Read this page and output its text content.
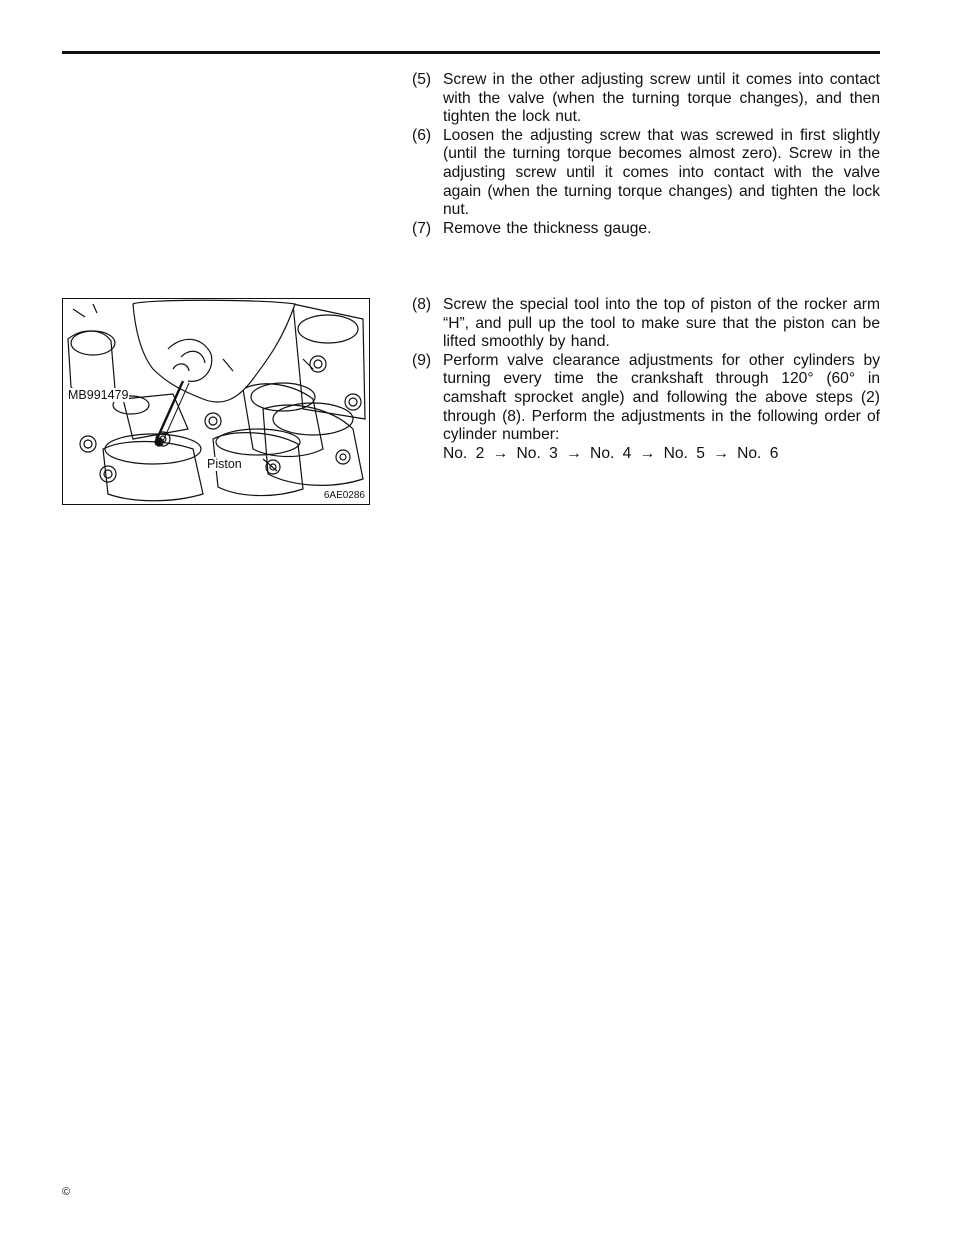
(5) Screw in the other adjusting screw until it comes into contact with the valve (when the turning torque changes), and then tighten the lock nut.
(6) Loosen the adjusting screw that was screwed in first slightly (until the turning torque becomes almost zero). Screw in the adjusting screw until it comes into contact with the valve again (when the turning torque changes) and tighten the lock nut.
(7) Remove the thickness gauge.
MB991479
Piston
6AE0286
(8) Screw the special tool into the top of piston of the rocker arm “H”, and pull up the tool to make sure that the piston can be lifted smoothly by hand.
(9) Perform valve clearance adjustments for other cylinders by turning every time the crankshaft through 120° (60° in camshaft sprocket angle) and following the above steps (2) through (8). Perform the adjustments in the following order of cylinder number:
No. 2 → No. 3 → No. 4 → No. 5 → No. 6
©
